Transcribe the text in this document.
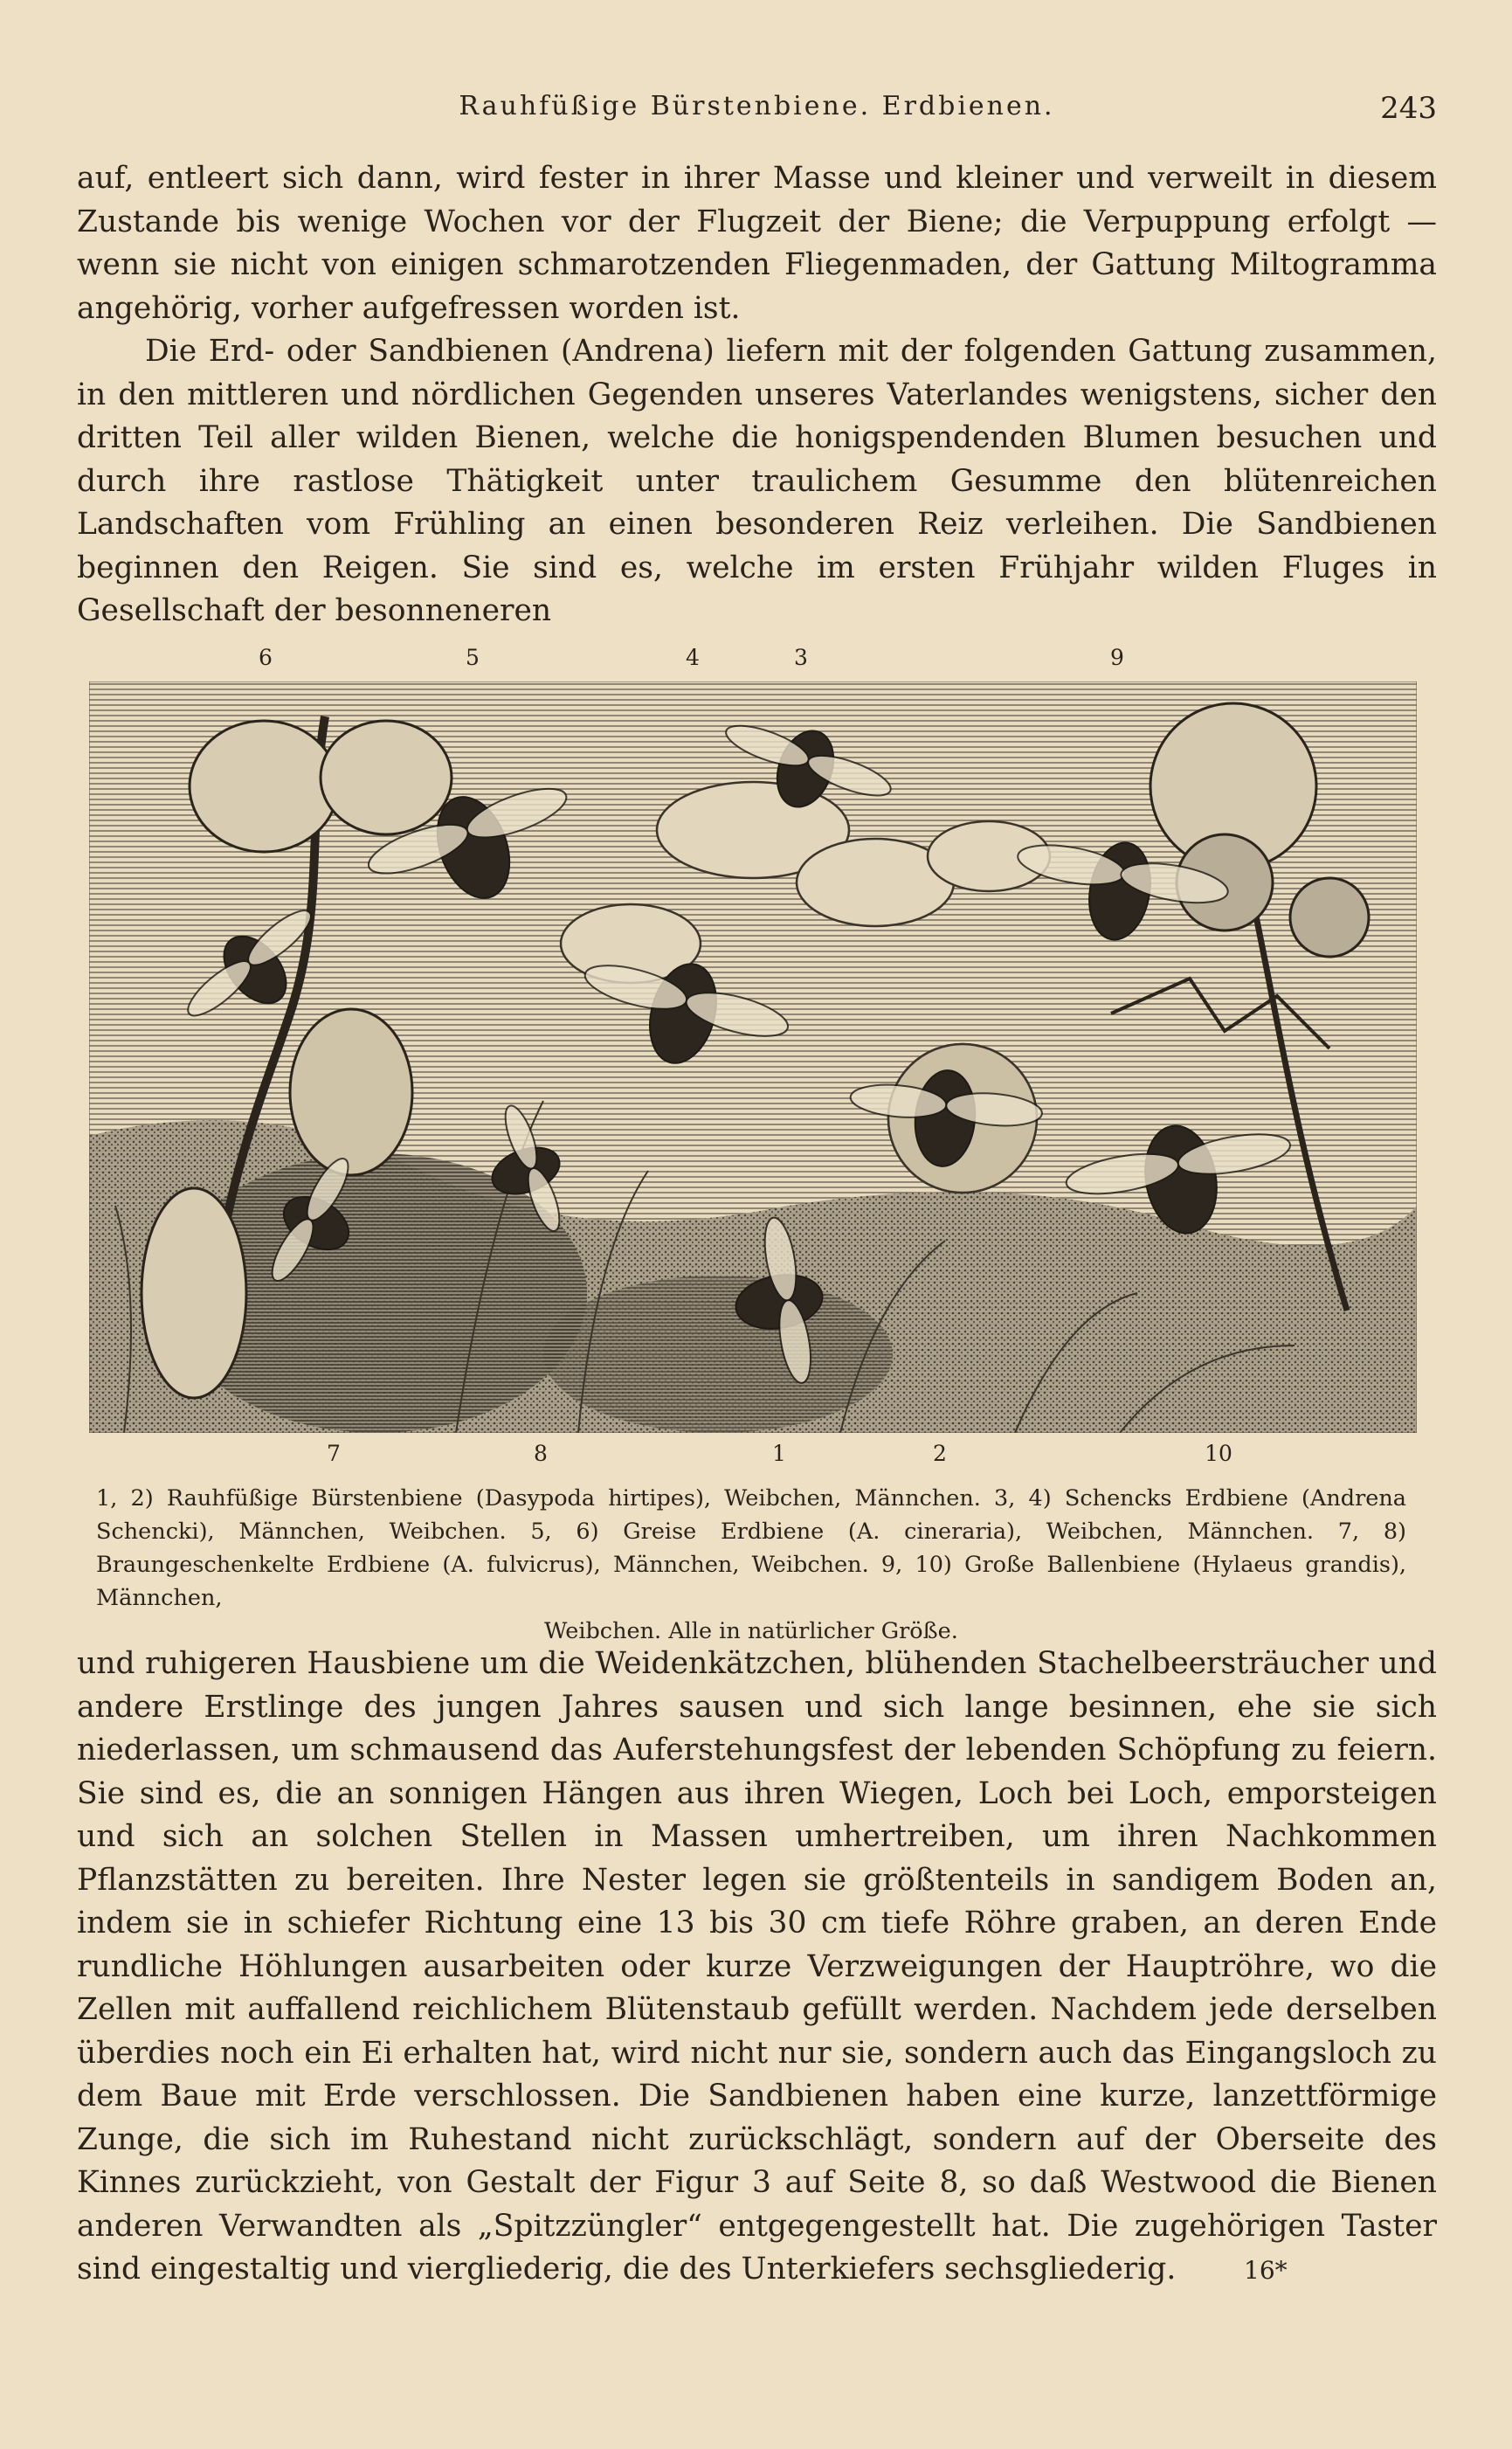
Rauhfüßige Bürstenbiene. Erdbienen.	243

auf, entleert sich dann, wird fester in ihrer Masse und kleiner und verweilt in diesem Zustande bis wenige Wochen vor der Flugzeit der Biene; die Verpuppung erfolgt — wenn sie nicht von einigen schmarotzenden Fliegenmaden, der Gattung Miltogramma angehörig, vorher aufgefressen worden ist.

Die Erd- oder Sandbienen (Andrena) liefern mit der folgenden Gattung zusammen, in den mittleren und nördlichen Gegenden unseres Vaterlandes wenigstens, sicher den dritten Teil aller wilden Bienen, welche die honigspendenden Blumen besuchen und durch ihre rastlose Thätigkeit unter traulichem Gesumme den blütenreichen Landschaften vom Frühling an einen besonderen Reiz verleihen. Die Sandbienen beginnen den Reigen. Sie sind es, welche im ersten Frühjahr wilden Fluges in Gesellschaft der besonneneren

6	5	4	3	9
7	8	1	2	10
1, 2) Rauhfüßige Bürstenbiene (Dasypoda hirtipes), Weibchen, Männchen. 3, 4) Schencks Erdbiene (Andrena Schencki), Männchen, Weibchen. 5, 6) Greise Erdbiene (A. cineraria), Weibchen, Männchen. 7, 8) Braungeschenkelte Erdbiene (A. fulvicrus), Männchen, Weibchen. 9, 10) Große Ballenbiene (Hylaeus grandis), Männchen,
Weibchen. Alle in natürlicher Größe.

und ruhigeren Hausbiene um die Weidenkätzchen, blühenden Stachelbeersträucher und andere Erstlinge des jungen Jahres sausen und sich lange besinnen, ehe sie sich niederlassen, um schmausend das Auferstehungsfest der lebenden Schöpfung zu feiern. Sie sind es, die an sonnigen Hängen aus ihren Wiegen, Loch bei Loch, emporsteigen und sich an solchen Stellen in Massen umhertreiben, um ihren Nachkommen Pflanzstätten zu bereiten. Ihre Nester legen sie größtenteils in sandigem Boden an, indem sie in schiefer Richtung eine 13 bis 30 cm tiefe Röhre graben, an deren Ende rundliche Höhlungen ausarbeiten oder kurze Verzweigungen der Hauptröhre, wo die Zellen mit auffallend reichlichem Blütenstaub gefüllt werden. Nachdem jede derselben überdies noch ein Ei erhalten hat, wird nicht nur sie, sondern auch das Eingangsloch zu dem Baue mit Erde verschlossen. Die Sandbienen haben eine kurze, lanzettförmige Zunge, die sich im Ruhestand nicht zurückschlägt, sondern auf der Oberseite des Kinnes zurückzieht, von Gestalt der Figur 3 auf Seite 8, so daß Westwood die Bienen anderen Verwandten als „Spitzzüngler“ entgegengestellt hat. Die zugehörigen Taster sind eingestaltig und viergliederig, die des Unterkiefers sechsgliederig.	16*
